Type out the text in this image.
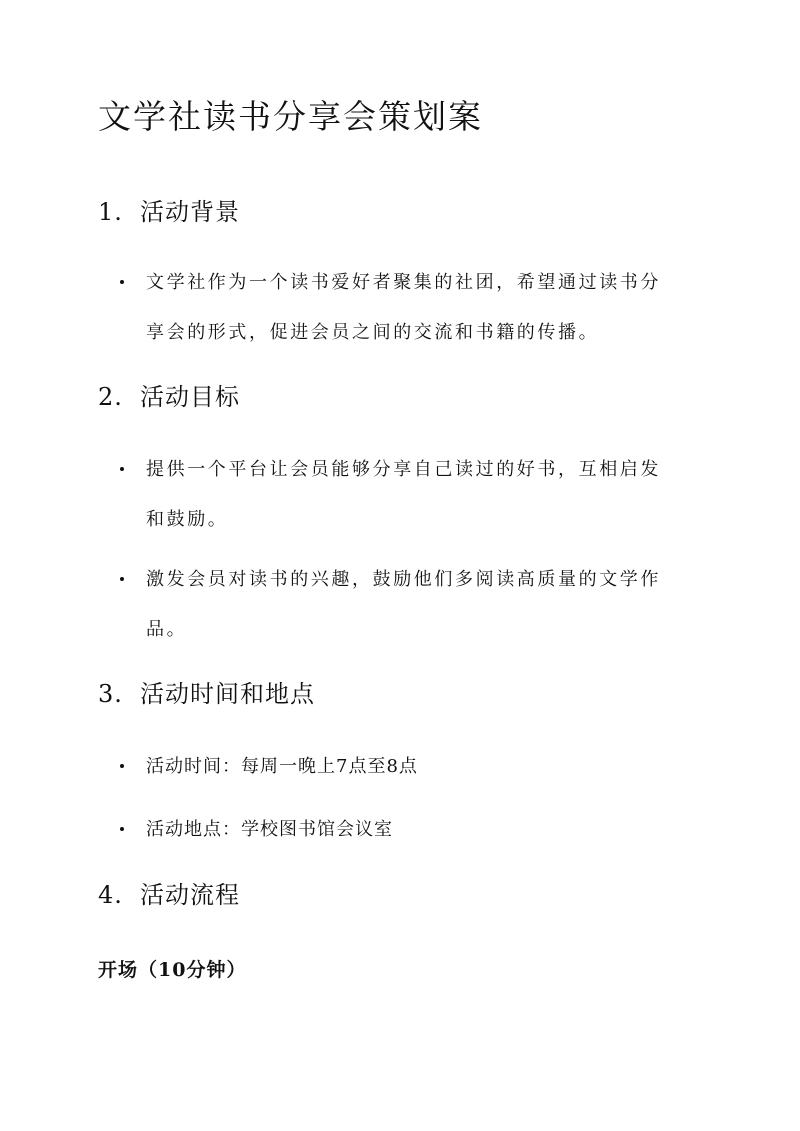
文学社读书分享会策划案
1. 活动背景
文学社作为一个读书爱好者聚集的社团，希望通过读书分享会的形式，促进会员之间的交流和书籍的传播。
2. 活动目标
提供一个平台让会员能够分享自己读过的好书，互相启发和鼓励。
激发会员对读书的兴趣，鼓励他们多阅读高质量的文学作品。
3. 活动时间和地点
活动时间：每周一晚上7点至8点
活动地点：学校图书馆会议室
4. 活动流程
开场（10分钟）
